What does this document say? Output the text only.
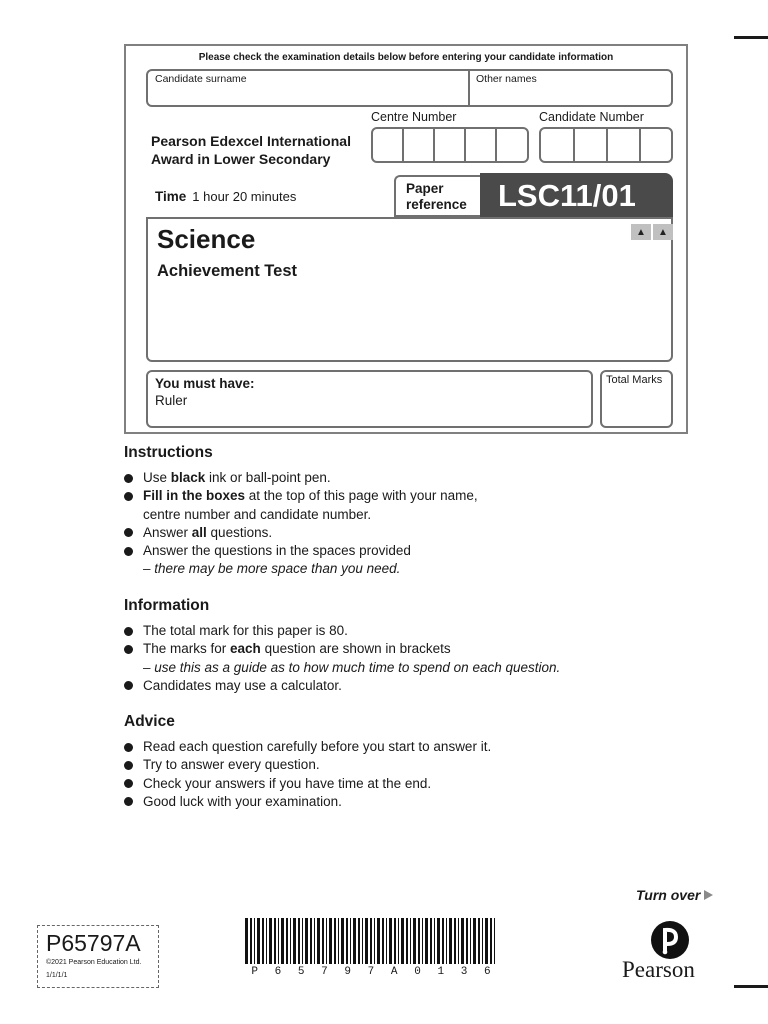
Please check the examination details below before entering your candidate information
Candidate surname	Other names
Pearson Edexcel International
Award in Lower Secondary
Centre Number	Candidate Number
Time 1 hour 20 minutes
Paper
reference	LSC11/01
Science
Achievement Test
▲	▲
You must have:
Ruler
Total Marks
Instructions
Use black ink or ball-point pen.
Fill in the boxes at the top of this page with your name,
centre number and candidate number.
Answer all questions.
Answer the questions in the spaces provided
– there may be more space than you need.
Information
The total mark for this paper is 80.
The marks for each question are shown in brackets
– use this as a guide as to how much time to spend on each question.
Candidates may use a calculator.
Advice
Read each question carefully before you start to answer it.
Try to answer every question.
Check your answers if you have time at the end.
Good luck with your examination.
Turn over
P65797A
©2021 Pearson Education Ltd.
1/1/1/1	P 6 5 7 9 7 A 0 1 3 6	Pearson
